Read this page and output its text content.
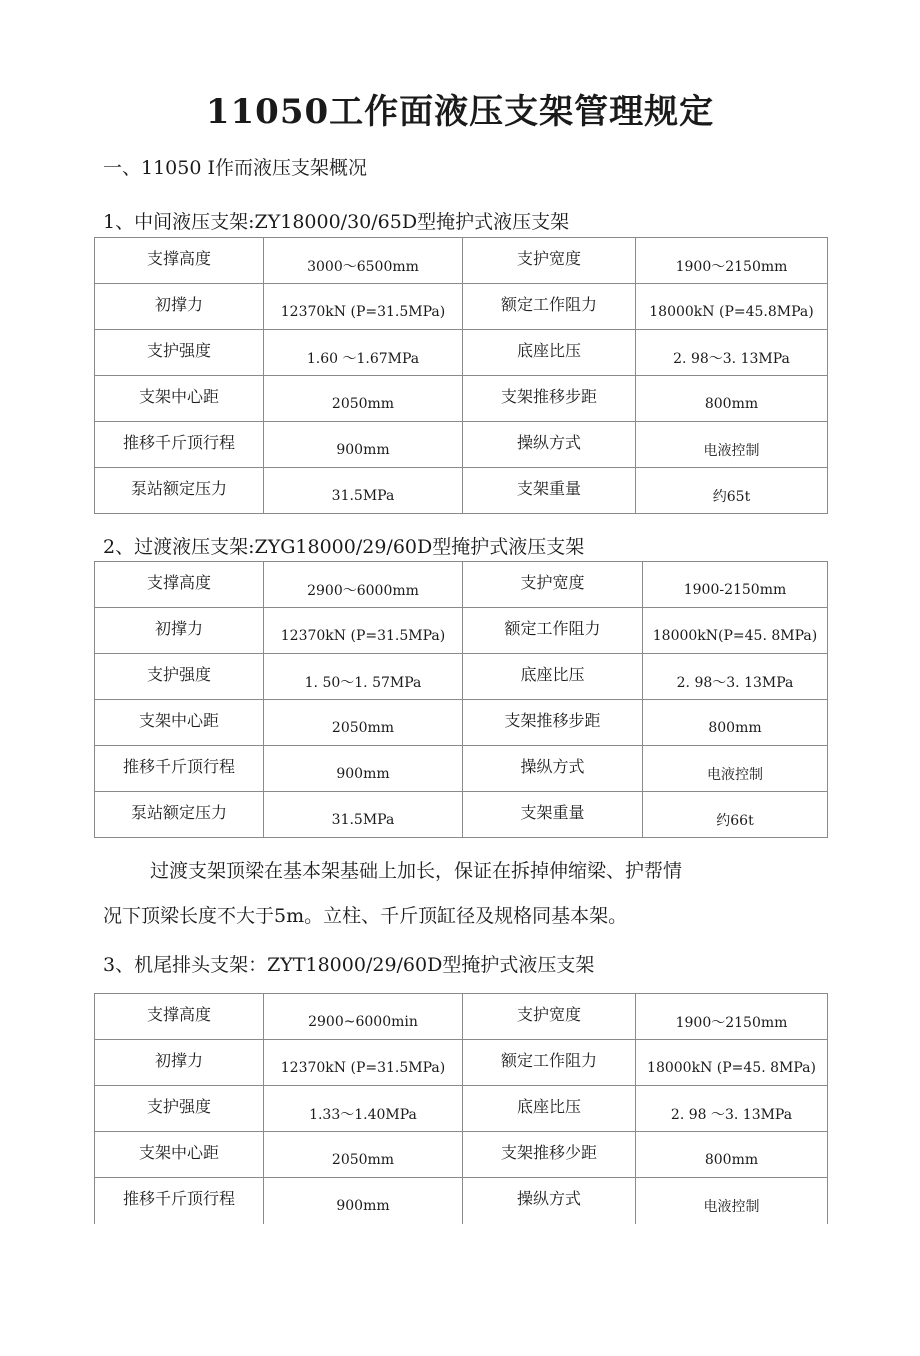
11050工作面液压支架管理规定

一、11050 I作而液压支架概况

1、中间液压支架:ZY18000/30/65D型掩护式液压支架

支撑高度	3000～6500mm	支护宽度	1900～2150mm
初撑力	12370kN (P=31.5MPa)	额定工作阻力	18000kN (P=45.8MPa)
支护强度	1.60 ～1.67MPa	底座比压	2. 98～3. 13MPa
支架中心距	2050mm	支架推移步距	800mm
推移千斤顶行程	900mm	操纵方式	电液控制
泵站额定压力	31.5MPa	支架重量	约65t

2、过渡液压支架:ZYG18000/29/60D型掩护式液压支架

支撑高度	2900～6000mm	支护宽度	1900-2150mm
初撑力	12370kN (P=31.5MPa)	额定工作阻力	18000kN(P=45. 8MPa)
支护强度	1. 50～1. 57MPa	底座比压	2. 98～3. 13MPa
支架中心距	2050mm	支架推移步距	800mm
推移千斤顶行程	900mm	操纵方式	电液控制
泵站额定压力	31.5MPa	支架重量	约66t

过渡支架顶梁在基本架基础上加长，保证在拆掉伸缩梁、护帮情

况下顶梁长度不大于5m。立柱、千斤顶缸径及规格同基本架。

3、机尾排头支架：ZYT18000/29/60D型掩护式液压支架

支撑高度	2900~6000min	支护宽度	1900～2150mm
初撑力	12370kN (P=31.5MPa)	额定工作阻力	18000kN (P=45. 8MPa)
支护强度	1.33～1.40MPa	底座比压	2. 98 ～3. 13MPa
支架中心距	2050mm	支架推移少距	800mm
推移千斤顶行程	900mm	操纵方式	电液控制
